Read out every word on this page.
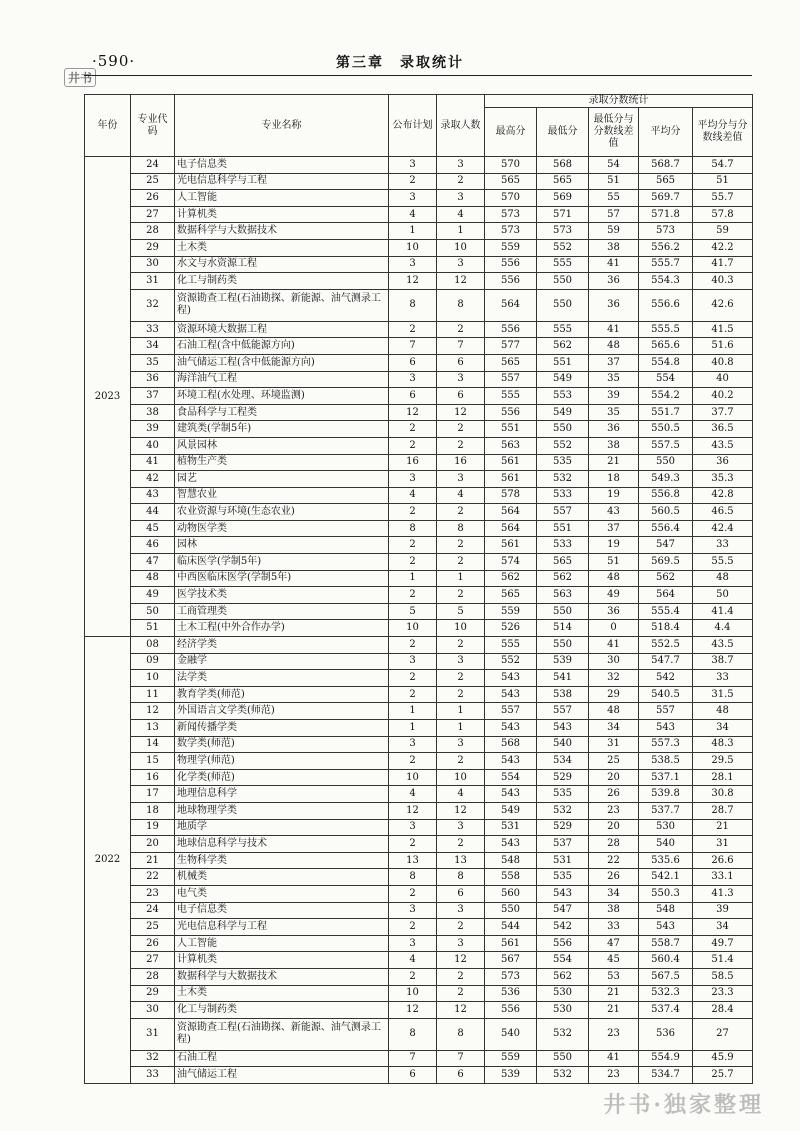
·590·	第三章　录取统计
井书
年份	专业代码	专业名称	公布计划	录取人数	录取分数统计				
					最高分	最低分	最低分与分数线差值	平均分	平均分与分数线差值
2023	24	电子信息类	3	3	570	568	54	568.7	54.7
	25	光电信息科学与工程	2	2	565	565	51	565	51
	26	人工智能	3	3	570	569	55	569.7	55.7
	27	计算机类	4	4	573	571	57	571.8	57.8
	28	数据科学与大数据技术	1	1	573	573	59	573	59
	29	土木类	10	10	559	552	38	556.2	42.2
	30	水文与水资源工程	3	3	556	555	41	555.7	41.7
	31	化工与制药类	12	12	556	550	36	554.3	40.3
	32	资源勘查工程(石油勘探、新能源、油气测录工程)	8	8	564	550	36	556.6	42.6
	33	资源环境大数据工程	2	2	556	555	41	555.5	41.5
	34	石油工程(含中低能源方向)	7	7	577	562	48	565.6	51.6
	35	油气储运工程(含中低能源方向)	6	6	565	551	37	554.8	40.8
	36	海洋油气工程	3	3	557	549	35	554	40
	37	环境工程(水处理、环境监测)	6	6	555	553	39	554.2	40.2
	38	食品科学与工程类	12	12	556	549	35	551.7	37.7
	39	建筑类(学制5年)	2	2	551	550	36	550.5	36.5
	40	风景园林	2	2	563	552	38	557.5	43.5
	41	植物生产类	16	16	561	535	21	550	36
	42	园艺	3	3	561	532	18	549.3	35.3
	43	智慧农业	4	4	578	533	19	556.8	42.8
	44	农业资源与环境(生态农业)	2	2	564	557	43	560.5	46.5
	45	动物医学类	8	8	564	551	37	556.4	42.4
	46	园林	2	2	561	533	19	547	33
	47	临床医学(学制5年)	2	2	574	565	51	569.5	55.5
	48	中西医临床医学(学制5年)	1	1	562	562	48	562	48
	49	医学技术类	2	2	565	563	49	564	50
	50	工商管理类	5	5	559	550	36	555.4	41.4
	51	土木工程(中外合作办学)	10	10	526	514	0	518.4	4.4
2022	08	经济学类	2	2	555	550	41	552.5	43.5
	09	金融学	3	3	552	539	30	547.7	38.7
	10	法学类	2	2	543	541	32	542	33
	11	教育学类(师范)	2	2	543	538	29	540.5	31.5
	12	外国语言文学类(师范)	1	1	557	557	48	557	48
	13	新闻传播学类	1	1	543	543	34	543	34
	14	数学类(师范)	3	3	568	540	31	557.3	48.3
	15	物理学(师范)	2	2	543	534	25	538.5	29.5
	16	化学类(师范)	10	10	554	529	20	537.1	28.1
	17	地理信息科学	4	4	543	535	26	539.8	30.8
	18	地球物理学类	12	12	549	532	23	537.7	28.7
	19	地质学	3	3	531	529	20	530	21
	20	地球信息科学与技术	2	2	543	537	28	540	31
	21	生物科学类	13	13	548	531	22	535.6	26.6
	22	机械类	8	8	558	535	26	542.1	33.1
	23	电气类	2	6	560	543	34	550.3	41.3
	24	电子信息类	3	3	550	547	38	548	39
	25	光电信息科学与工程	2	2	544	542	33	543	34
	26	人工智能	3	3	561	556	47	558.7	49.7
	27	计算机类	4	12	567	554	45	560.4	51.4
	28	数据科学与大数据技术	2	2	573	562	53	567.5	58.5
	29	土木类	10	2	536	530	21	532.3	23.3
	30	化工与制药类	12	12	556	530	21	537.4	28.4
	31	资源勘查工程(石油勘探、新能源、油气测录工程)	8	8	540	532	23	536	27
	32	石油工程	7	7	559	550	41	554.9	45.9
	33	油气储运工程	6	6	539	532	23	534.7	25.7
井书·独家整理
